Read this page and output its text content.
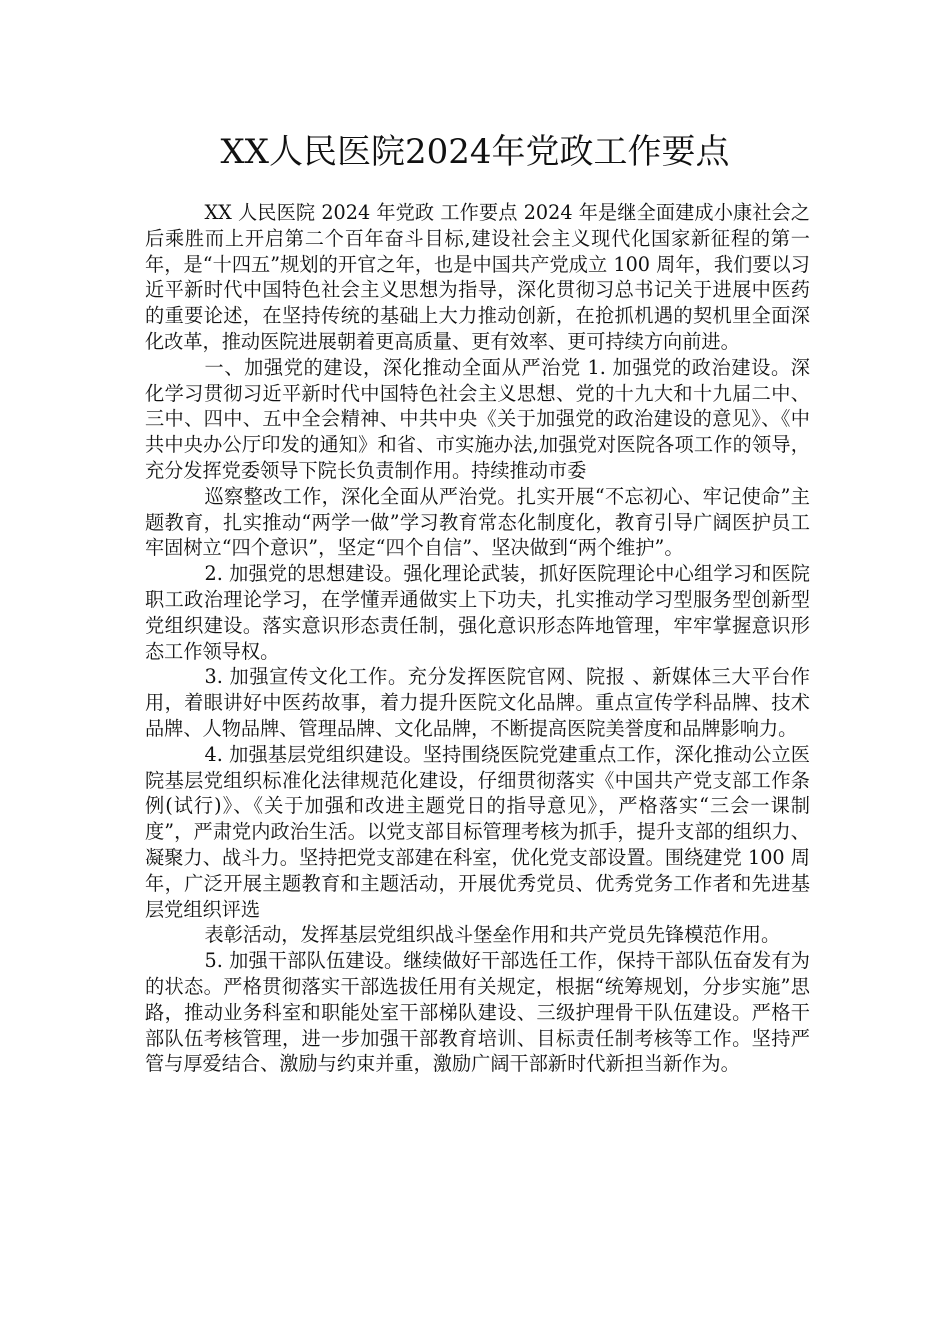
XX人民医院2024年党政工作要点

XX 人民医院 2024 年党政 工作要点 2024 年是继全面建成小康社会之后乘胜而上开启第二个百年奋斗目标,建设社会主义现代化国家新征程的第一年，是“十四五”规划的开官之年，也是中国共产党成立 100 周年，我们要以习近平新时代中国特色社会主义思想为指导，深化贯彻习总书记关于进展中医药的重要论述，在坚持传统的基础上大力推动创新，在抢抓机遇的契机里全面深化改革，推动医院进展朝着更高质量、更有效率、更可持续方向前进。

一、加强党的建设，深化推动全面从严治党 1. 加强党的政治建设。深化学习贯彻习近平新时代中国特色社会主义思想、党的十九大和十九届二中、三中、四中、五中全会精神、中共中央《关于加强党的政治建设的意见》、《中共中央办公厅印发的通知》和省、市实施办法,加强党对医院各项工作的领导，充分发挥党委领导下院长负责制作用。持续推动市委

巡察整改工作，深化全面从严治党。扎实开展“不忘初心、牢记使命”主题教育，扎实推动“两学一做”学习教育常态化制度化，教育引导广阔医护员工牢固树立“四个意识”，坚定“四个自信”、坚决做到“两个维护”。

2. 加强党的思想建设。强化理论武装，抓好医院理论中心组学习和医院职工政治理论学习，在学懂弄通做实上下功夫，扎实推动学习型服务型创新型党组织建设。落实意识形态责任制，强化意识形态阵地管理，牢牢掌握意识形态工作领导权。

3. 加强宣传文化工作。充分发挥医院官网、院报 、新媒体三大平台作用，着眼讲好中医药故事，着力提升医院文化品牌。重点宣传学科品牌、技术品牌、人物品牌、管理品牌、文化品牌，不断提高医院美誉度和品牌影响力。

4. 加强基层党组织建设。坚持围绕医院党建重点工作，深化推动公立医院基层党组织标准化法律规范化建设，仔细贯彻落实《中国共产党支部工作条例(试行)》、《关于加强和改进主题党日的指导意见》，严格落实“三会一课制度”，严肃党内政治生活。以党支部目标管理考核为抓手，提升支部的组织力、凝聚力、战斗力。坚持把党支部建在科室，优化党支部设置。围绕建党 100 周年，广泛开展主题教育和主题活动，开展优秀党员、优秀党务工作者和先进基层党组织评选

表彰活动，发挥基层党组织战斗堡垒作用和共产党员先锋模范作用。

5. 加强干部队伍建设。继续做好干部选任工作，保持干部队伍奋发有为的状态。严格贯彻落实干部选拔任用有关规定，根据“统筹规划，分步实施”思路，推动业务科室和职能处室干部梯队建设、三级护理骨干队伍建设。严格干部队伍考核管理，进一步加强干部教育培训、目标责任制考核等工作。坚持严管与厚爱结合、激励与约束并重，激励广阔干部新时代新担当新作为。
